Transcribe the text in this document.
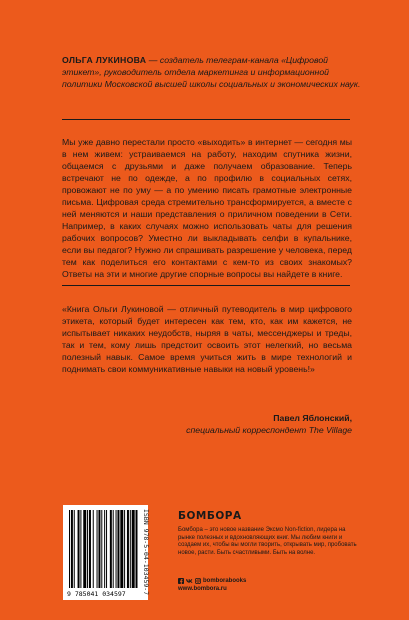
ОЛЬГА ЛУКИНОВА — создатель телеграм-канала «Цифровой этикет», руководитель отдела маркетинга и информационной политики Московской высшей школы социальных и экономических наук.
Мы уже давно перестали просто «выходить» в интернет — сегодня мы в нем живем: устраиваемся на работу, находим спутника жизни, общаемся с друзьями и даже получаем образование. Теперь встречают не по одежде, а по профилю в социальных сетях, провожают не по уму — а по умению писать грамотные электронные письма. Цифровая среда стремительно трансформируется, а вместе с ней меняются и наши представления о приличном поведении в Сети. Например, в каких случаях можно использовать чаты для решения рабочих вопросов? Уместно ли выкладывать селфи в купальнике, если вы педагог? Нужно ли спрашивать разрешение у человека, перед тем как поделиться его контактами с кем-то из своих знакомых? Ответы на эти и многие другие спорные вопросы вы найдете в книге.
«Книга Ольги Лукиновой — отличный путеводитель в мир цифрового этикета, который будет интересен как тем, кто, как им кажется, не испытывает никаких неудобств, ныряя в чаты, мессенджеры и треды, так и тем, кому лишь предстоит освоить этот нелегкий, но весьма полезный навык. Самое время учиться жить в мире технологий и поднимать свои коммуникативные навыки на новый уровень!»
Павел Яблонский,
специальный корреспондент The Village
9 785041 034597	ISBN 978-5-04-103459-7	БОМБОРА
Бомбора – это новое название Эксмо Non-fiction, лидера на рынке полезных и вдохновляющих книг. Мы любим книги и создаем их, чтобы вы могли творить, открывать мир, пробовать новое, расти. Быть счастливыми. Быть на волне.
bomborabooks
www.bombora.ru
